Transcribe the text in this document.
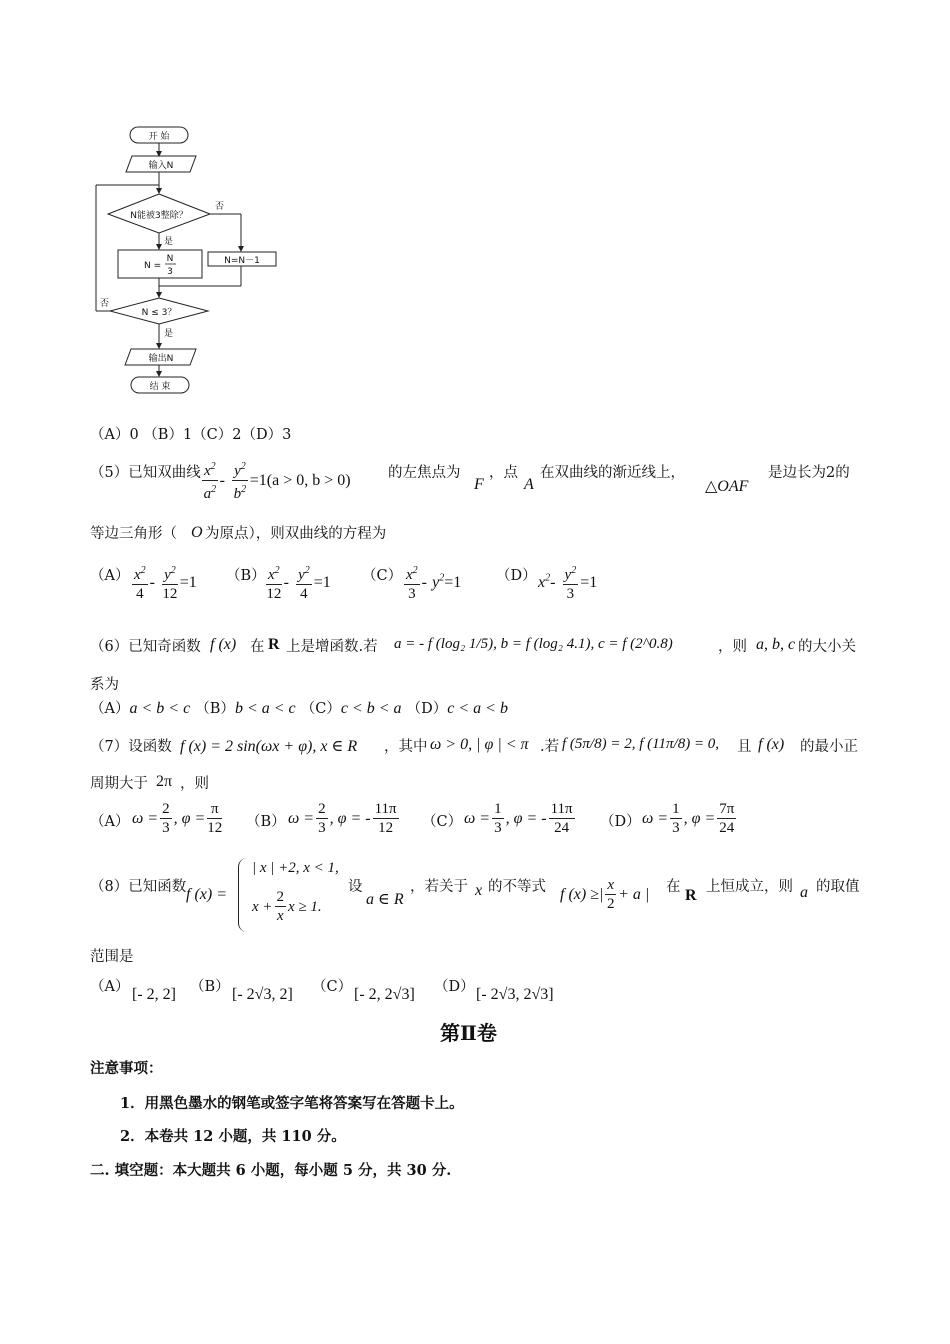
开 始
输入N
N能被3整除？
否
是
N =
N
3
N=N－1
N ≤ 3？
否
是
输出N
结 束
（A）0 （B）1（C）2（D）3
（5）已知双曲线 $\frac{x^2}{a^2} - \frac{y^2}{b^2} =1(a > 0$, b > 0)	的左焦点为
F
，点
A
在双曲线的渐近线上，
△OAF
是边长为2的
等边三角形（ O 为原点），则双曲线的方程为
$(A) \frac{x^2}{4} - \frac{y^2}{12} =1$ $(B) \frac{x^2}{12} - \frac{y^2}{4} =1$ $(C) \frac{x^2}{3} - y^2=1$ （D） $x^2- \frac{y^2}{3} =1$
（6）已知奇函数 f (x) 在 R 上是增函数.若 a = - f (log₂ 1/5), b = f (log₂ 4.1), c = f (2^0.8)	，则 a, b, c 的大小关
系为
（A）a < b < c （B）b < a < c （C）c < b < a （D）c < a < b
（7）设函数 f (x) = 2 sin(ωx + φ), x ∈ R ，其中 ω > 0, | φ | < π .若 f (5π/8) = 2, f (11π/8) = 0, 且 f (x) 的最小正
周期大于 2π ，则
（A） $\omega = \frac{2}{3}$ , $\varphi = \frac{\pi}{12} (B) \omega = \frac{2}{3}$ , φ = - $\frac{11\pi}{12} (C) \omega = \frac{1}{3}$ , φ = - $\frac{11\pi}{24} (D) \omega = \frac{1}{3}$ , $\varphi = \frac{7\pi}{24}$
（8）已知函数 f (x) =
| x | +2, x < 1,
$x + \frac{2}{x}$ x ≥ 1.
设
a ∈ R
，若关于 x 的不等式 f (x) ≥| $\frac{x}{2} + a$ | 在 R 上恒成立，则 a 的取值
范围是
（A） [- 2, 2] （B） [- 2√3, 2] （C） [- 2, 2√3] （D） [- 2√3, 2√3]
第Ⅱ卷
注意事项：
1．用黑色墨水的钢笔或签字笔将答案写在答题卡上。
2．本卷共 12 小题，共 110 分。
二. 填空题：本大题共 6 小题，每小题 5 分，共 30 分.
